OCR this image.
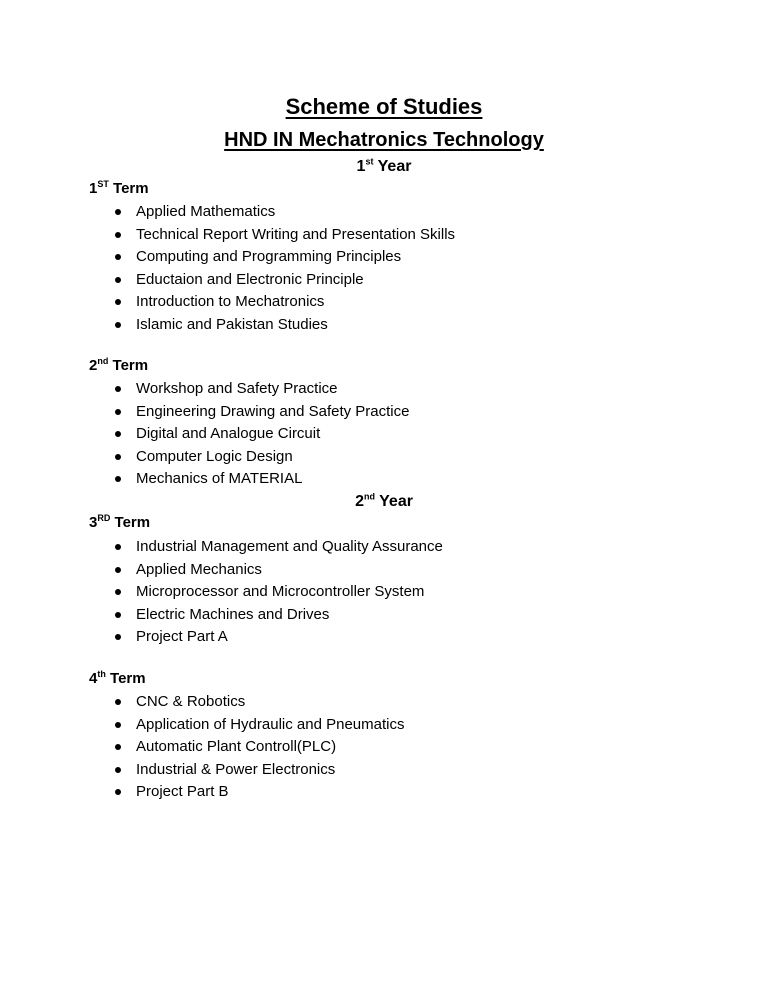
Scheme of Studies
HND IN Mechatronics Technology
1st Year
1ST Term
Applied Mathematics
Technical Report Writing and Presentation Skills
Computing and Programming Principles
Eductaion and Electronic Principle
Introduction to Mechatronics
Islamic and Pakistan Studies
2nd Term
Workshop and Safety Practice
Engineering Drawing and Safety Practice
Digital and Analogue Circuit
Computer Logic Design
Mechanics of MATERIAL
2nd Year
3RD Term
Industrial Management and Quality Assurance
Applied Mechanics
Microprocessor and Microcontroller System
Electric Machines and Drives
Project Part A
4th Term
CNC & Robotics
Application of Hydraulic and Pneumatics
Automatic Plant Controll(PLC)
Industrial & Power Electronics
Project Part B
